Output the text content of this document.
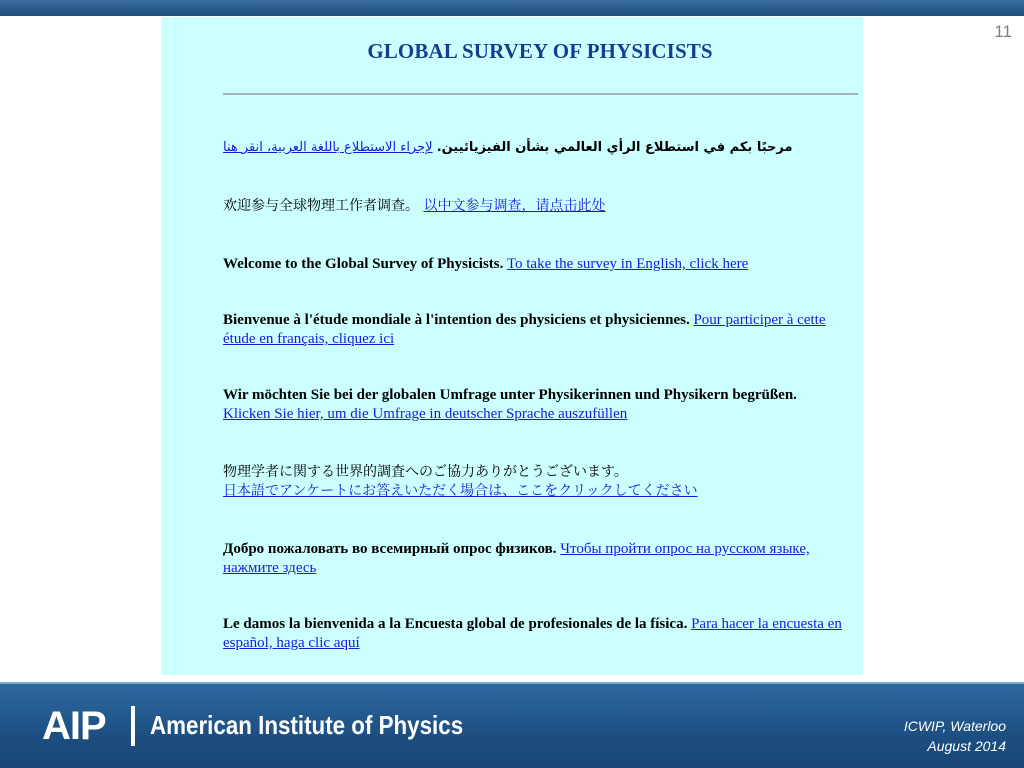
11
GLOBAL SURVEY OF PHYSICISTS
مرحبًا بكم في استطلاع الرأي العالمي بشأن الفيزيائيين. لإجراء الاستطلاع باللغة العربية، انقر هنا
欢迎参与全球物理工作者调查。 以中文参与调查，请点击此处
Welcome to the Global Survey of Physicists. To take the survey in English, click here
Bienvenue à l'étude mondiale à l'intention des physiciens et physiciennes. Pour participer à cette étude en français, cliquez ici
Wir möchten Sie bei der globalen Umfrage unter Physikerinnen und Physikern begrüßen.
Klicken Sie hier, um die Umfrage in deutscher Sprache auszufüllen
物理学者に関する世界的調査へのご協力ありがとうございます。
日本語でアンケートにお答えいただく場合は、ここをクリックしてください
Добро пожаловать во всемирный опрос физиков. Чтобы пройти опрос на русском языке, нажмите здесь
Le damos la bienvenida a la Encuesta global de profesionales de la física. Para hacer la encuesta en español, haga clic aquí
AIP American Institute of Physics	ICWIP, Waterloo
August 2014
